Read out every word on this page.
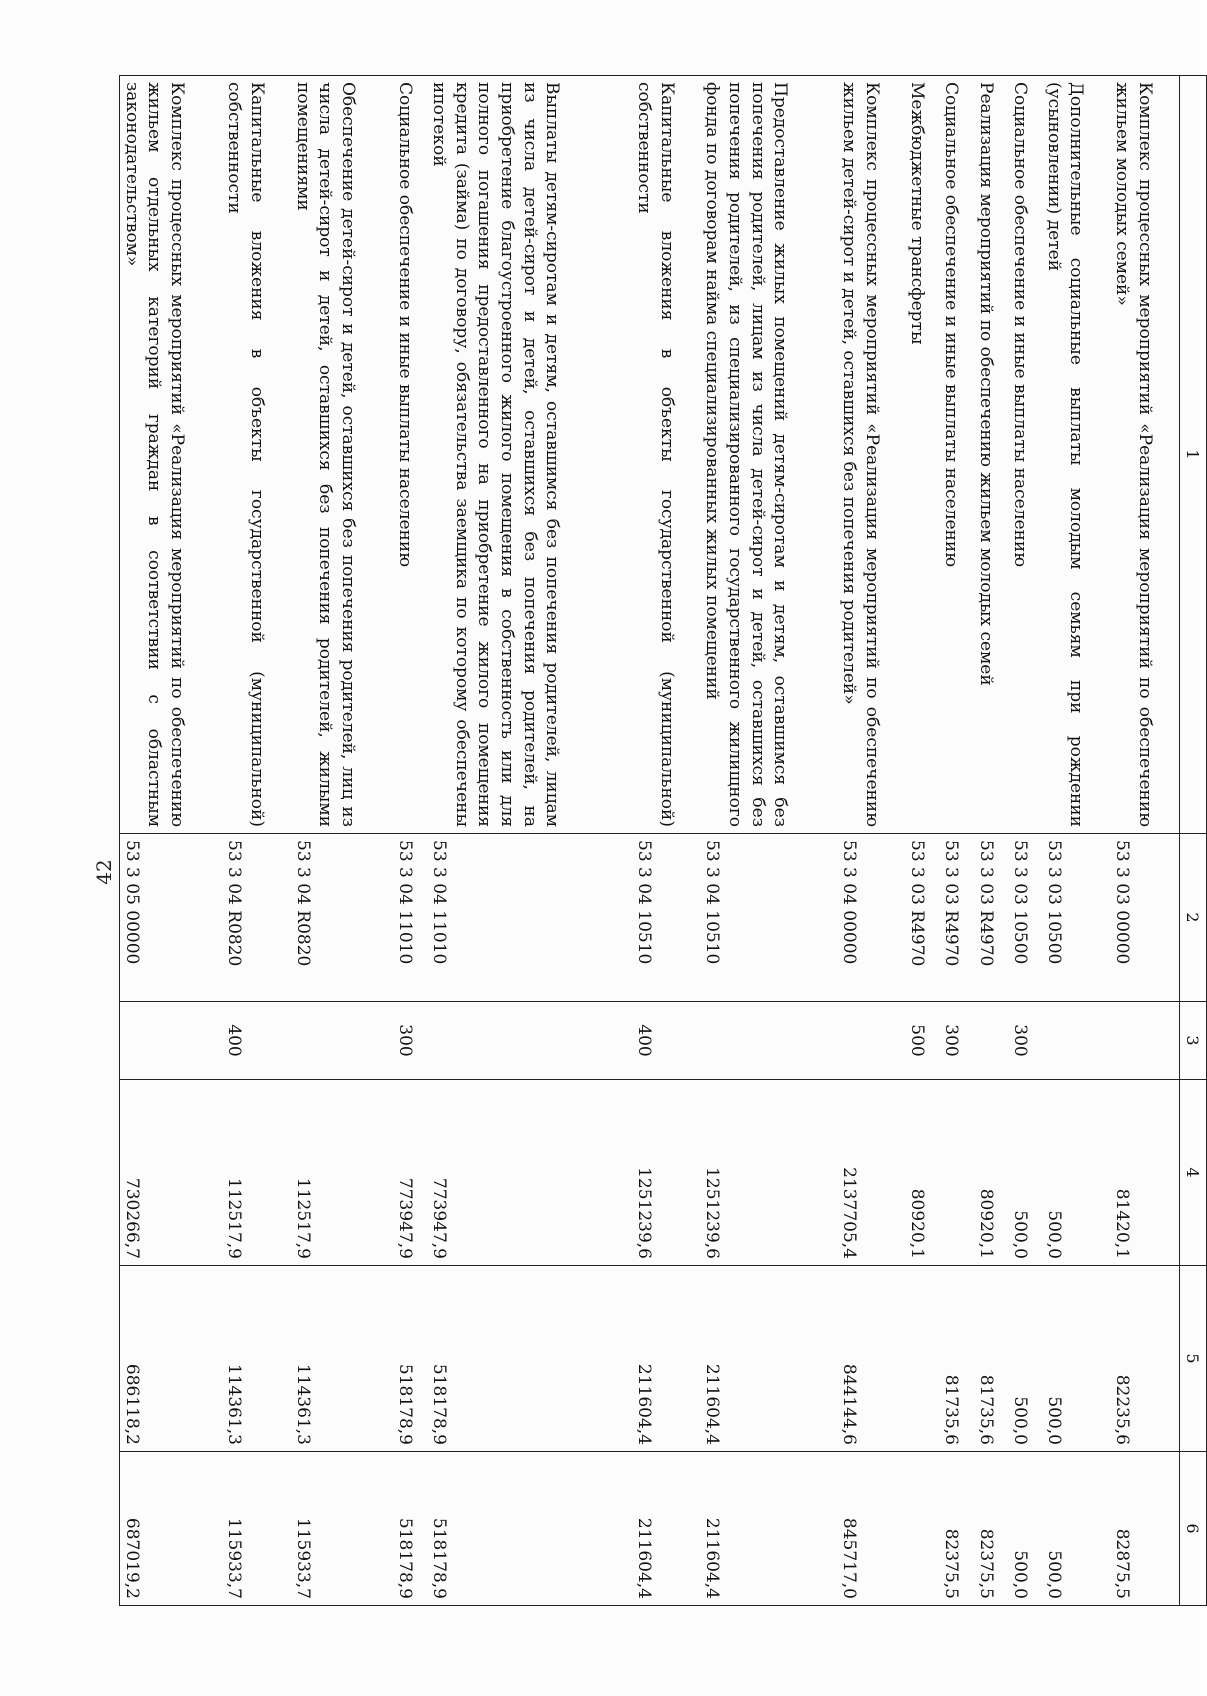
42
1	2	3	4	5	6
Комплекс процессных мероприятий «Реализация мероприятий по обеспечению жильем молодых семей»	53 3 03 00000		81420,1	82235,6	82875,5
Дополнительные социальные выплаты молодым семьям при рождении (усыновлении) детей	53 3 03 10500		500,0	500,0	500,0
Социальное обеспечение и иные выплаты населению	53 3 03 10500	300	500,0	500,0	500,0
Реализация мероприятий по обеспечению жильем молодых семей	53 3 03 R4970		80920,1	81735,6	82375,5
Социальное обеспечение и иные выплаты населению	53 3 03 R4970	300		81735,6	82375,5
Межбюджетные трансферты	53 3 03 R4970	500	80920,1		
Комплекс процессных мероприятий «Реализация мероприятий по обеспечению жильем детей-сирот и детей, оставшихся без попечения родителей»	53 3 04 00000		2137705,4	844144,6	845717,0
Предоставление жилых помещений детям-сиротам и детям, оставшимся без попечения родителей, лицам из числа детей-сирот и детей, оставшихся без попечения родителей, из специализированного государственного жилищного фонда по договорам найма специализированных жилых помещений	53 3 04 10510		1251239,6	211604,4	211604,4
Капитальные вложения в объекты государственной (муниципальной) собственности	53 3 04 10510	400	1251239,6	211604,4	211604,4
Выплаты детям-сиротам и детям, оставшимся без попечения родителей, лицам из числа детей-сирот и детей, оставшихся без попечения родителей, на приобретение благоустроенного жилого помещения в собственность или для полного погашения предоставленного на приобретение жилого помещения кредита (займа) по договору, обязательства заемщика по которому обеспечены ипотекой	53 3 04 11010		773947,9	518178,9	518178,9
Социальное обеспечение и иные выплаты населению	53 3 04 11010	300	773947,9	518178,9	518178,9
Обеспечение детей-сирот и детей, оставшихся без попечения родителей, лиц из числа детей-сирот и детей, оставшихся без попечения родителей, жилыми помещениями	53 3 04 R0820		112517,9	114361,3	115933,7
Капитальные вложения в объекты государственной (муниципальной) собственности	53 3 04 R0820	400	112517,9	114361,3	115933,7
Комплекс процессных мероприятий «Реализация мероприятий по обеспечению жильем отдельных категорий граждан в соответствии с областным законодательством»	53 3 05 00000		730266,7	686118,2	687019,2
